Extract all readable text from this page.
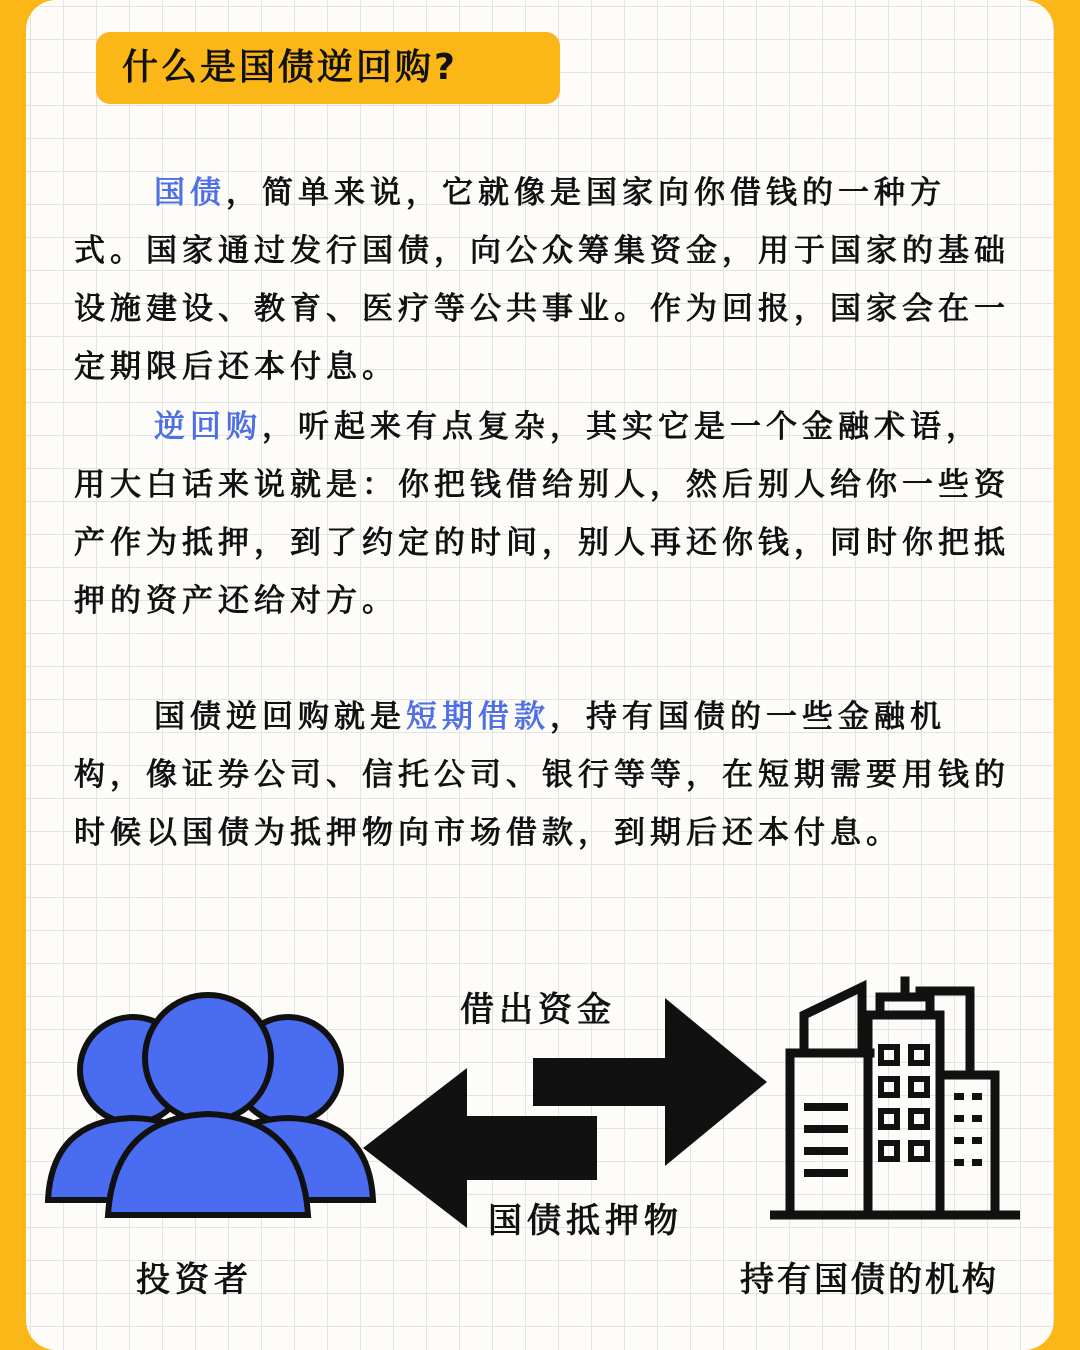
什么是国债逆回购?

国债，简单来说，它就像是国家向你借钱的一种方式。国家通过发行国债，向公众筹集资金，用于国家的基础设施建设、教育、医疗等公共事业。作为回报，国家会在一定期限后还本付息。

逆回购，听起来有点复杂，其实它是一个金融术语，用大白话来说就是：你把钱借给别人，然后别人给你一些资产作为抵押，到了约定的时间，别人再还你钱，同时你把抵押的资产还给对方。

国债逆回购就是短期借款，持有国债的一些金融机构，像证券公司、信托公司、银行等等，在短期需要用钱的时候以国债为抵押物向市场借款，到期后还本付息。

借出资金
国债抵押物
投资者	持有国债的机构
